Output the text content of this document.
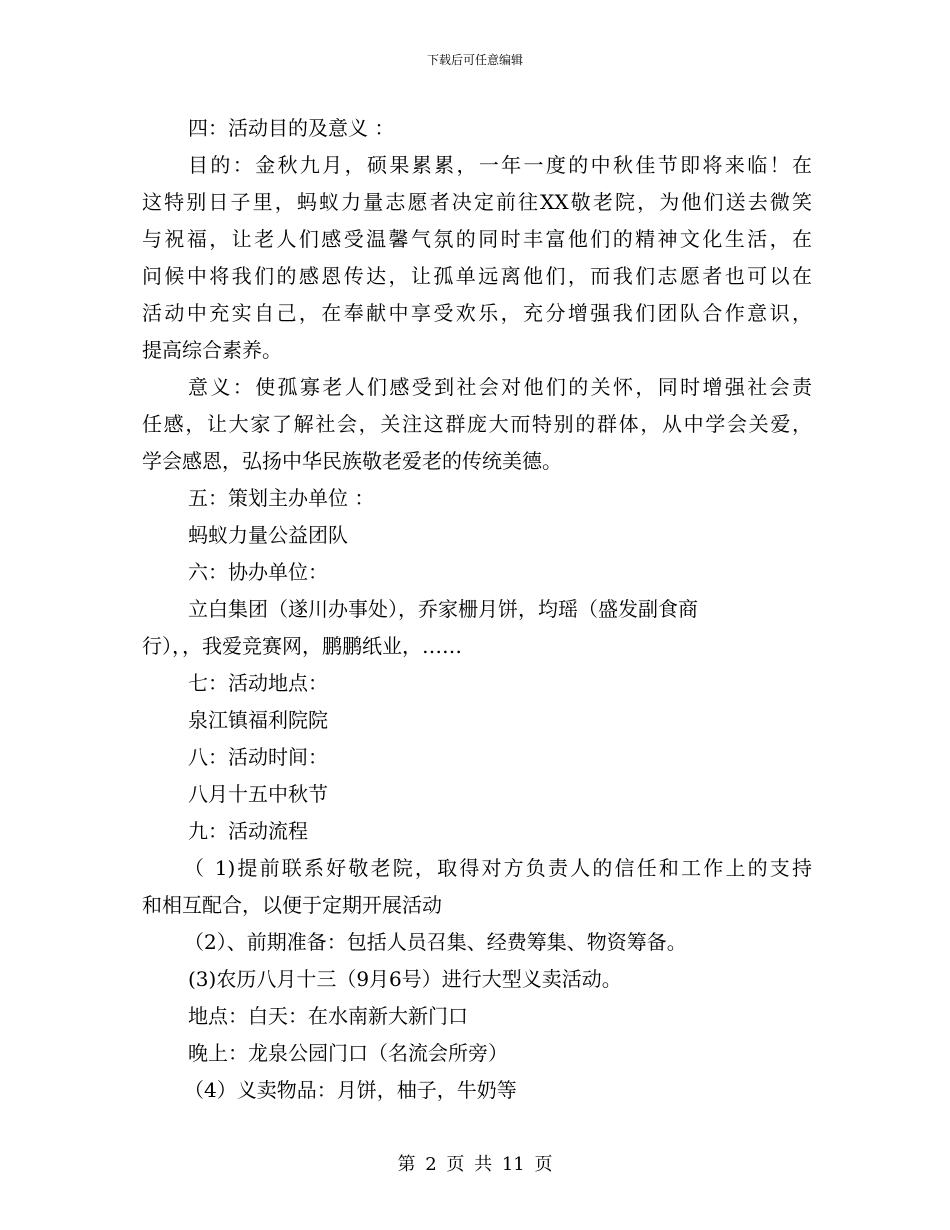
下载后可任意编辑

四：活动目的及意义 ：

目的：金秋九月，硕果累累，一年一度的中秋佳节即将来临！在

这特别日子里，蚂蚁力量志愿者决定前往XX敬老院，为他们送去微笑

与祝福，让老人们感受温馨气氛的同时丰富他们的精神文化生活，在

问候中将我们的感恩传达，让孤单远离他们，而我们志愿者也可以在

活动中充实自己，在奉献中享受欢乐，充分增强我们团队合作意识，

提高综合素养。

意义：使孤寡老人们感受到社会对他们的关怀，同时增强社会责

任感，让大家了解社会，关注这群庞大而特别的群体，从中学会关爱，

学会感恩，弘扬中华民族敬老爱老的传统美德。

五：策划主办单位 ：

蚂蚁力量公益团队

六：协办单位：

立白集团（遂川办事处），乔家栅月饼，均瑶（盛发副食商

行），，我爱竞赛网，鹏鹏纸业，……

七：活动地点：

泉江镇福利院院

八：活动时间：

八月十五中秋节

九：活动流程

（ 1)提前联系好敬老院，取得对方负责人的信任和工作上的支持

和相互配合，以便于定期开展活动

（2）、前期准备：包括人员召集、经费筹集、物资筹备。

(3)农历八月十三（9月6号）进行大型义卖活动。

地点：白天：在水南新大新门口

晚上：龙泉公园门口（名流会所旁）

（4）义卖物品：月饼，柚子，牛奶等

第 2 页 共 11 页
